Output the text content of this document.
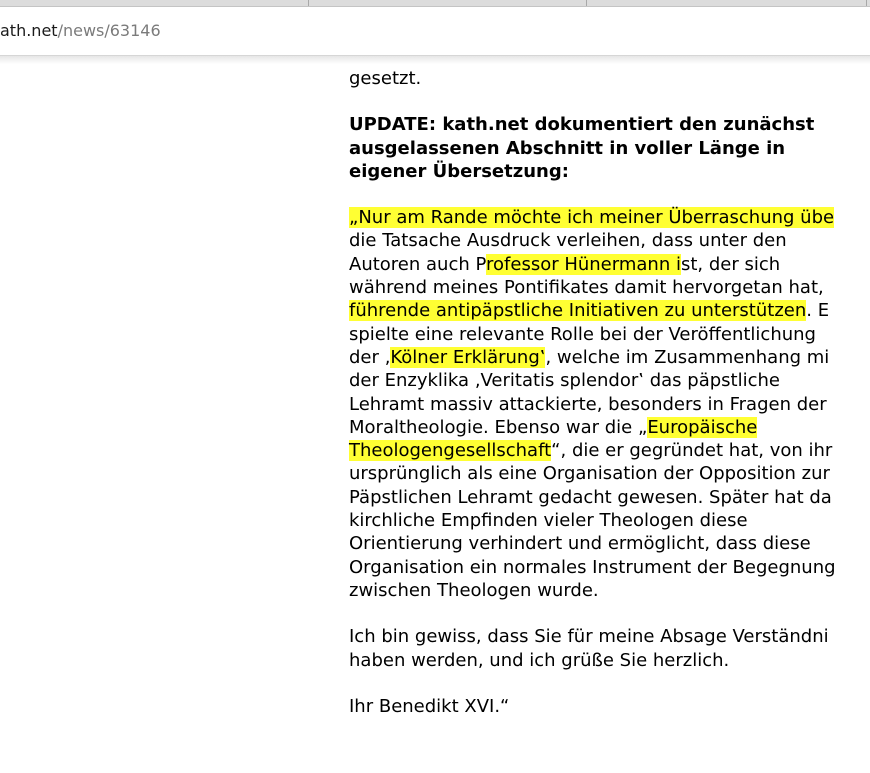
ath.net/news/63146

gesetzt.

UPDATE: kath.net dokumentiert den zunächst

ausgelassenen Abschnitt in voller Länge in

eigener Übersetzung:

„Nur am Rande möchte ich meiner Überraschung übe

die Tatsache Ausdruck verleihen, dass unter den

Autoren auch Professor Hünermann ist, der sich

während meines Pontifikates damit hervorgetan hat,

führende antipäpstliche Initiativen zu unterstützen. E

spielte eine relevante Rolle bei der Veröffentlichung

der ‚Kölner Erklärung‛, welche im Zusammenhang mi

der Enzyklika ‚Veritatis splendor‛ das päpstliche

Lehramt massiv attackierte, besonders in Fragen der

Moraltheologie. Ebenso war die „Europäische

Theologengesellschaft“, die er gegründet hat, von ihr

ursprünglich als eine Organisation der Opposition zur

Päpstlichen Lehramt gedacht gewesen. Später hat da

kirchliche Empfinden vieler Theologen diese

Orientierung verhindert und ermöglicht, dass diese

Organisation ein normales Instrument der Begegnung

zwischen Theologen wurde.

Ich bin gewiss, dass Sie für meine Absage Verständni

haben werden, und ich grüße Sie herzlich.

Ihr Benedikt XVI.“
